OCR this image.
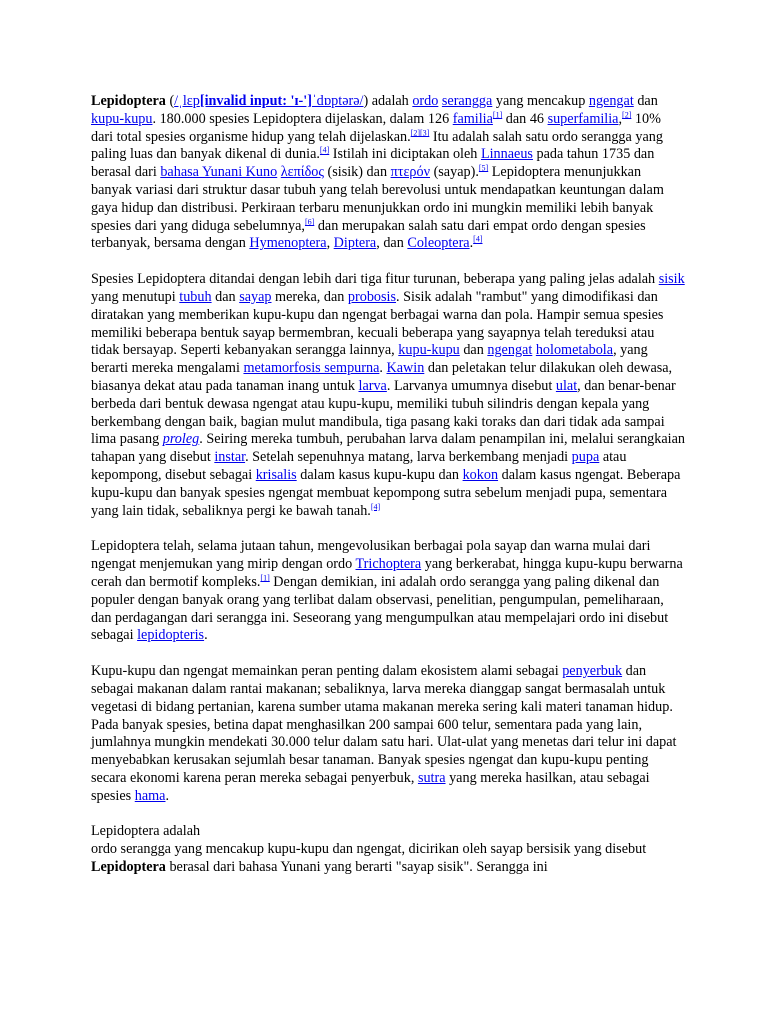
Lepidoptera (/ˌlɛp[invalid input: 'ɪ-']ˈdɒptərə/) adalah ordo serangga yang mencakup ngengat dan kupu-kupu. 180.000 spesies Lepidoptera dijelaskan, dalam 126 familia[1] dan 46 superfamilia,[2] 10% dari total spesies organisme hidup yang telah dijelaskan.[2][3] Itu adalah salah satu ordo serangga yang paling luas dan banyak dikenal di dunia.[4] Istilah ini diciptakan oleh Linnaeus pada tahun 1735 dan berasal dari bahasa Yunani Kuno λεπίδος (sisik) dan πτερόν (sayap).[5] Lepidoptera menunjukkan banyak variasi dari struktur dasar tubuh yang telah berevolusi untuk mendapatkan keuntungan dalam gaya hidup dan distribusi. Perkiraan terbaru menunjukkan ordo ini mungkin memiliki lebih banyak spesies dari yang diduga sebelumnya,[6] dan merupakan salah satu dari empat ordo dengan spesies terbanyak, bersama dengan Hymenoptera, Diptera, dan Coleoptera.[4]

Spesies Lepidoptera ditandai dengan lebih dari tiga fitur turunan, beberapa yang paling jelas adalah sisik yang menutupi tubuh dan sayap mereka, dan probosis. Sisik adalah "rambut" yang dimodifikasi dan diratakan yang memberikan kupu-kupu dan ngengat berbagai warna dan pola. Hampir semua spesies memiliki beberapa bentuk sayap bermembran, kecuali beberapa yang sayapnya telah tereduksi atau tidak bersayap. Seperti kebanyakan serangga lainnya, kupu-kupu dan ngengat holometabola, yang berarti mereka mengalami metamorfosis sempurna. Kawin dan peletakan telur dilakukan oleh dewasa, biasanya dekat atau pada tanaman inang untuk larva. Larvanya umumnya disebut ulat, dan benar-benar berbeda dari bentuk dewasa ngengat atau kupu-kupu, memiliki tubuh silindris dengan kepala yang berkembang dengan baik, bagian mulut mandibula, tiga pasang kaki toraks dan dari tidak ada sampai lima pasang proleg. Seiring mereka tumbuh, perubahan larva dalam penampilan ini, melalui serangkaian tahapan yang disebut instar. Setelah sepenuhnya matang, larva berkembang menjadi pupa atau kepompong, disebut sebagai krisalis dalam kasus kupu-kupu dan kokon dalam kasus ngengat. Beberapa kupu-kupu dan banyak spesies ngengat membuat kepompong sutra sebelum menjadi pupa, sementara yang lain tidak, sebaliknya pergi ke bawah tanah.[4]

Lepidoptera telah, selama jutaan tahun, mengevolusikan berbagai pola sayap dan warna mulai dari ngengat menjemukan yang mirip dengan ordo Trichoptera yang berkerabat, hingga kupu-kupu berwarna cerah dan bermotif kompleks.[1] Dengan demikian, ini adalah ordo serangga yang paling dikenal dan populer dengan banyak orang yang terlibat dalam observasi, penelitian, pengumpulan, pemeliharaan, dan perdagangan dari serangga ini. Seseorang yang mengumpulkan atau mempelajari ordo ini disebut sebagai lepidopteris.

Kupu-kupu dan ngengat memainkan peran penting dalam ekosistem alami sebagai penyerbuk dan sebagai makanan dalam rantai makanan; sebaliknya, larva mereka dianggap sangat bermasalah untuk vegetasi di bidang pertanian, karena sumber utama makanan mereka sering kali materi tanaman hidup. Pada banyak spesies, betina dapat menghasilkan 200 sampai 600 telur, sementara pada yang lain, jumlahnya mungkin mendekati 30.000 telur dalam satu hari. Ulat-ulat yang menetas dari telur ini dapat menyebabkan kerusakan sejumlah besar tanaman. Banyak spesies ngengat dan kupu-kupu penting secara ekonomi karena peran mereka sebagai penyerbuk, sutra yang mereka hasilkan, atau sebagai spesies hama.

Lepidoptera adalah

ordo serangga yang mencakup kupu-kupu dan ngengat, dicirikan oleh sayap bersisik yang disebut Lepidoptera berasal dari bahasa Yunani yang berarti "sayap sisik". Serangga ini
